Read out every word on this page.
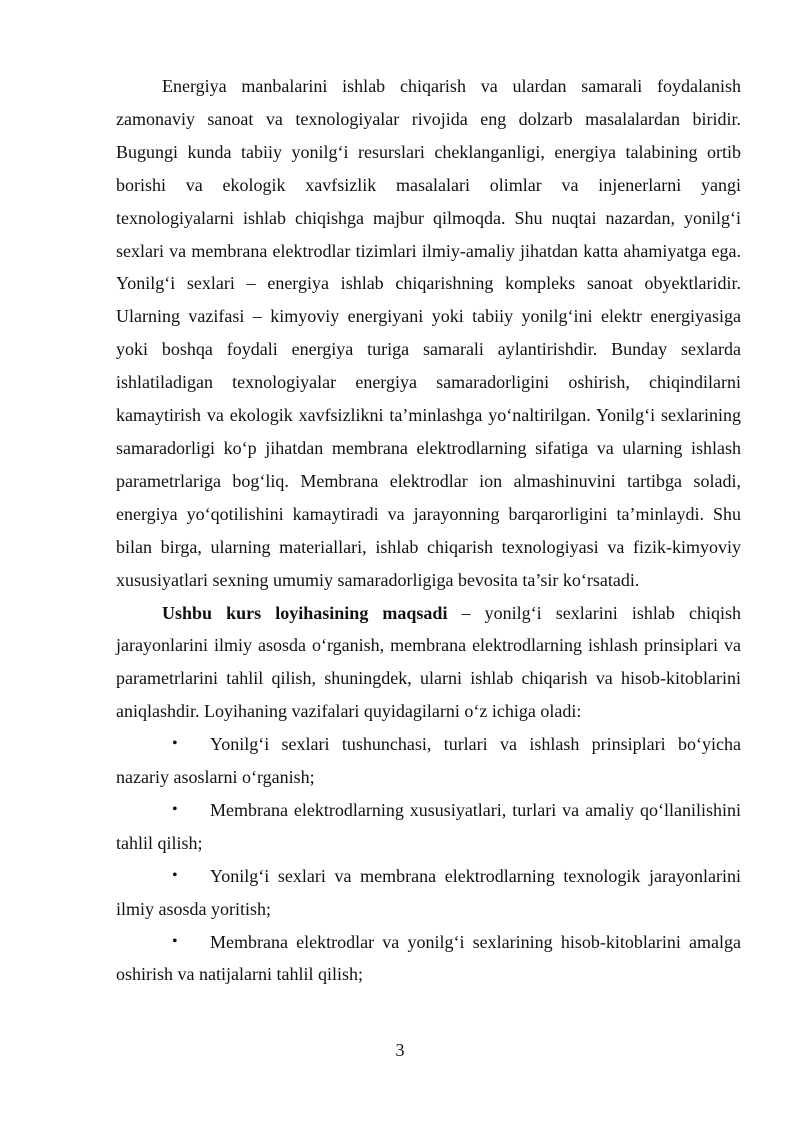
Energiya manbalarini ishlab chiqarish va ulardan samarali foydalanish zamonaviy sanoat va texnologiyalar rivojida eng dolzarb masalalardan biridir. Bugungi kunda tabiiy yonilg‘i resurslari cheklanganligi, energiya talabining ortib borishi va ekologik xavfsizlik masalalari olimlar va injenerlarni yangi texnologiyalarni ishlab chiqishga majbur qilmoqda. Shu nuqtai nazardan, yonilg‘i sexlari va membrana elektrodlar tizimlari ilmiy-amaliy jihatdan katta ahamiyatga ega. Yonilg‘i sexlari – energiya ishlab chiqarishning kompleks sanoat obyektlaridir. Ularning vazifasi – kimyoviy energiyani yoki tabiiy yonilg‘ini elektr energiyasiga yoki boshqa foydali energiya turiga samarali aylantirishdir. Bunday sexlarda ishlatiladigan texnologiyalar energiya samaradorligini oshirish, chiqindilarni kamaytirish va ekologik xavfsizlikni ta’minlashga yo‘naltirilgan. Yonilg‘i sexlarining samaradorligi ko‘p jihatdan membrana elektrodlarning sifatiga va ularning ishlash parametrlariga bog‘liq. Membrana elektrodlar ion almashinuvini tartibga soladi, energiya yo‘qotilishini kamaytiradi va jarayonning barqarorligini ta’minlaydi. Shu bilan birga, ularning materiallari, ishlab chiqarish texnologiyasi va fizik-kimyoviy xususiyatlari sexning umumiy samaradorligiga bevosita ta’sir ko‘rsatadi.

Ushbu kurs loyihasining maqsadi – yonilg‘i sexlarini ishlab chiqish jarayonlarini ilmiy asosda o‘rganish, membrana elektrodlarning ishlash prinsiplari va parametrlarini tahlil qilish, shuningdek, ularni ishlab chiqarish va hisob-kitoblarini aniqlashdir. Loyihaning vazifalari quyidagilarni o‘z ichiga oladi:

• Yonilg‘i sexlari tushunchasi, turlari va ishlash prinsiplari bo‘yicha nazariy asoslarni o‘rganish;

• Membrana elektrodlarning xususiyatlari, turlari va amaliy qo‘llanilishini tahlil qilish;

• Yonilg‘i sexlari va membrana elektrodlarning texnologik jarayonlarini ilmiy asosda yoritish;

• Membrana elektrodlar va yonilg‘i sexlarining hisob-kitoblarini amalga oshirish va natijalarni tahlil qilish;

3
